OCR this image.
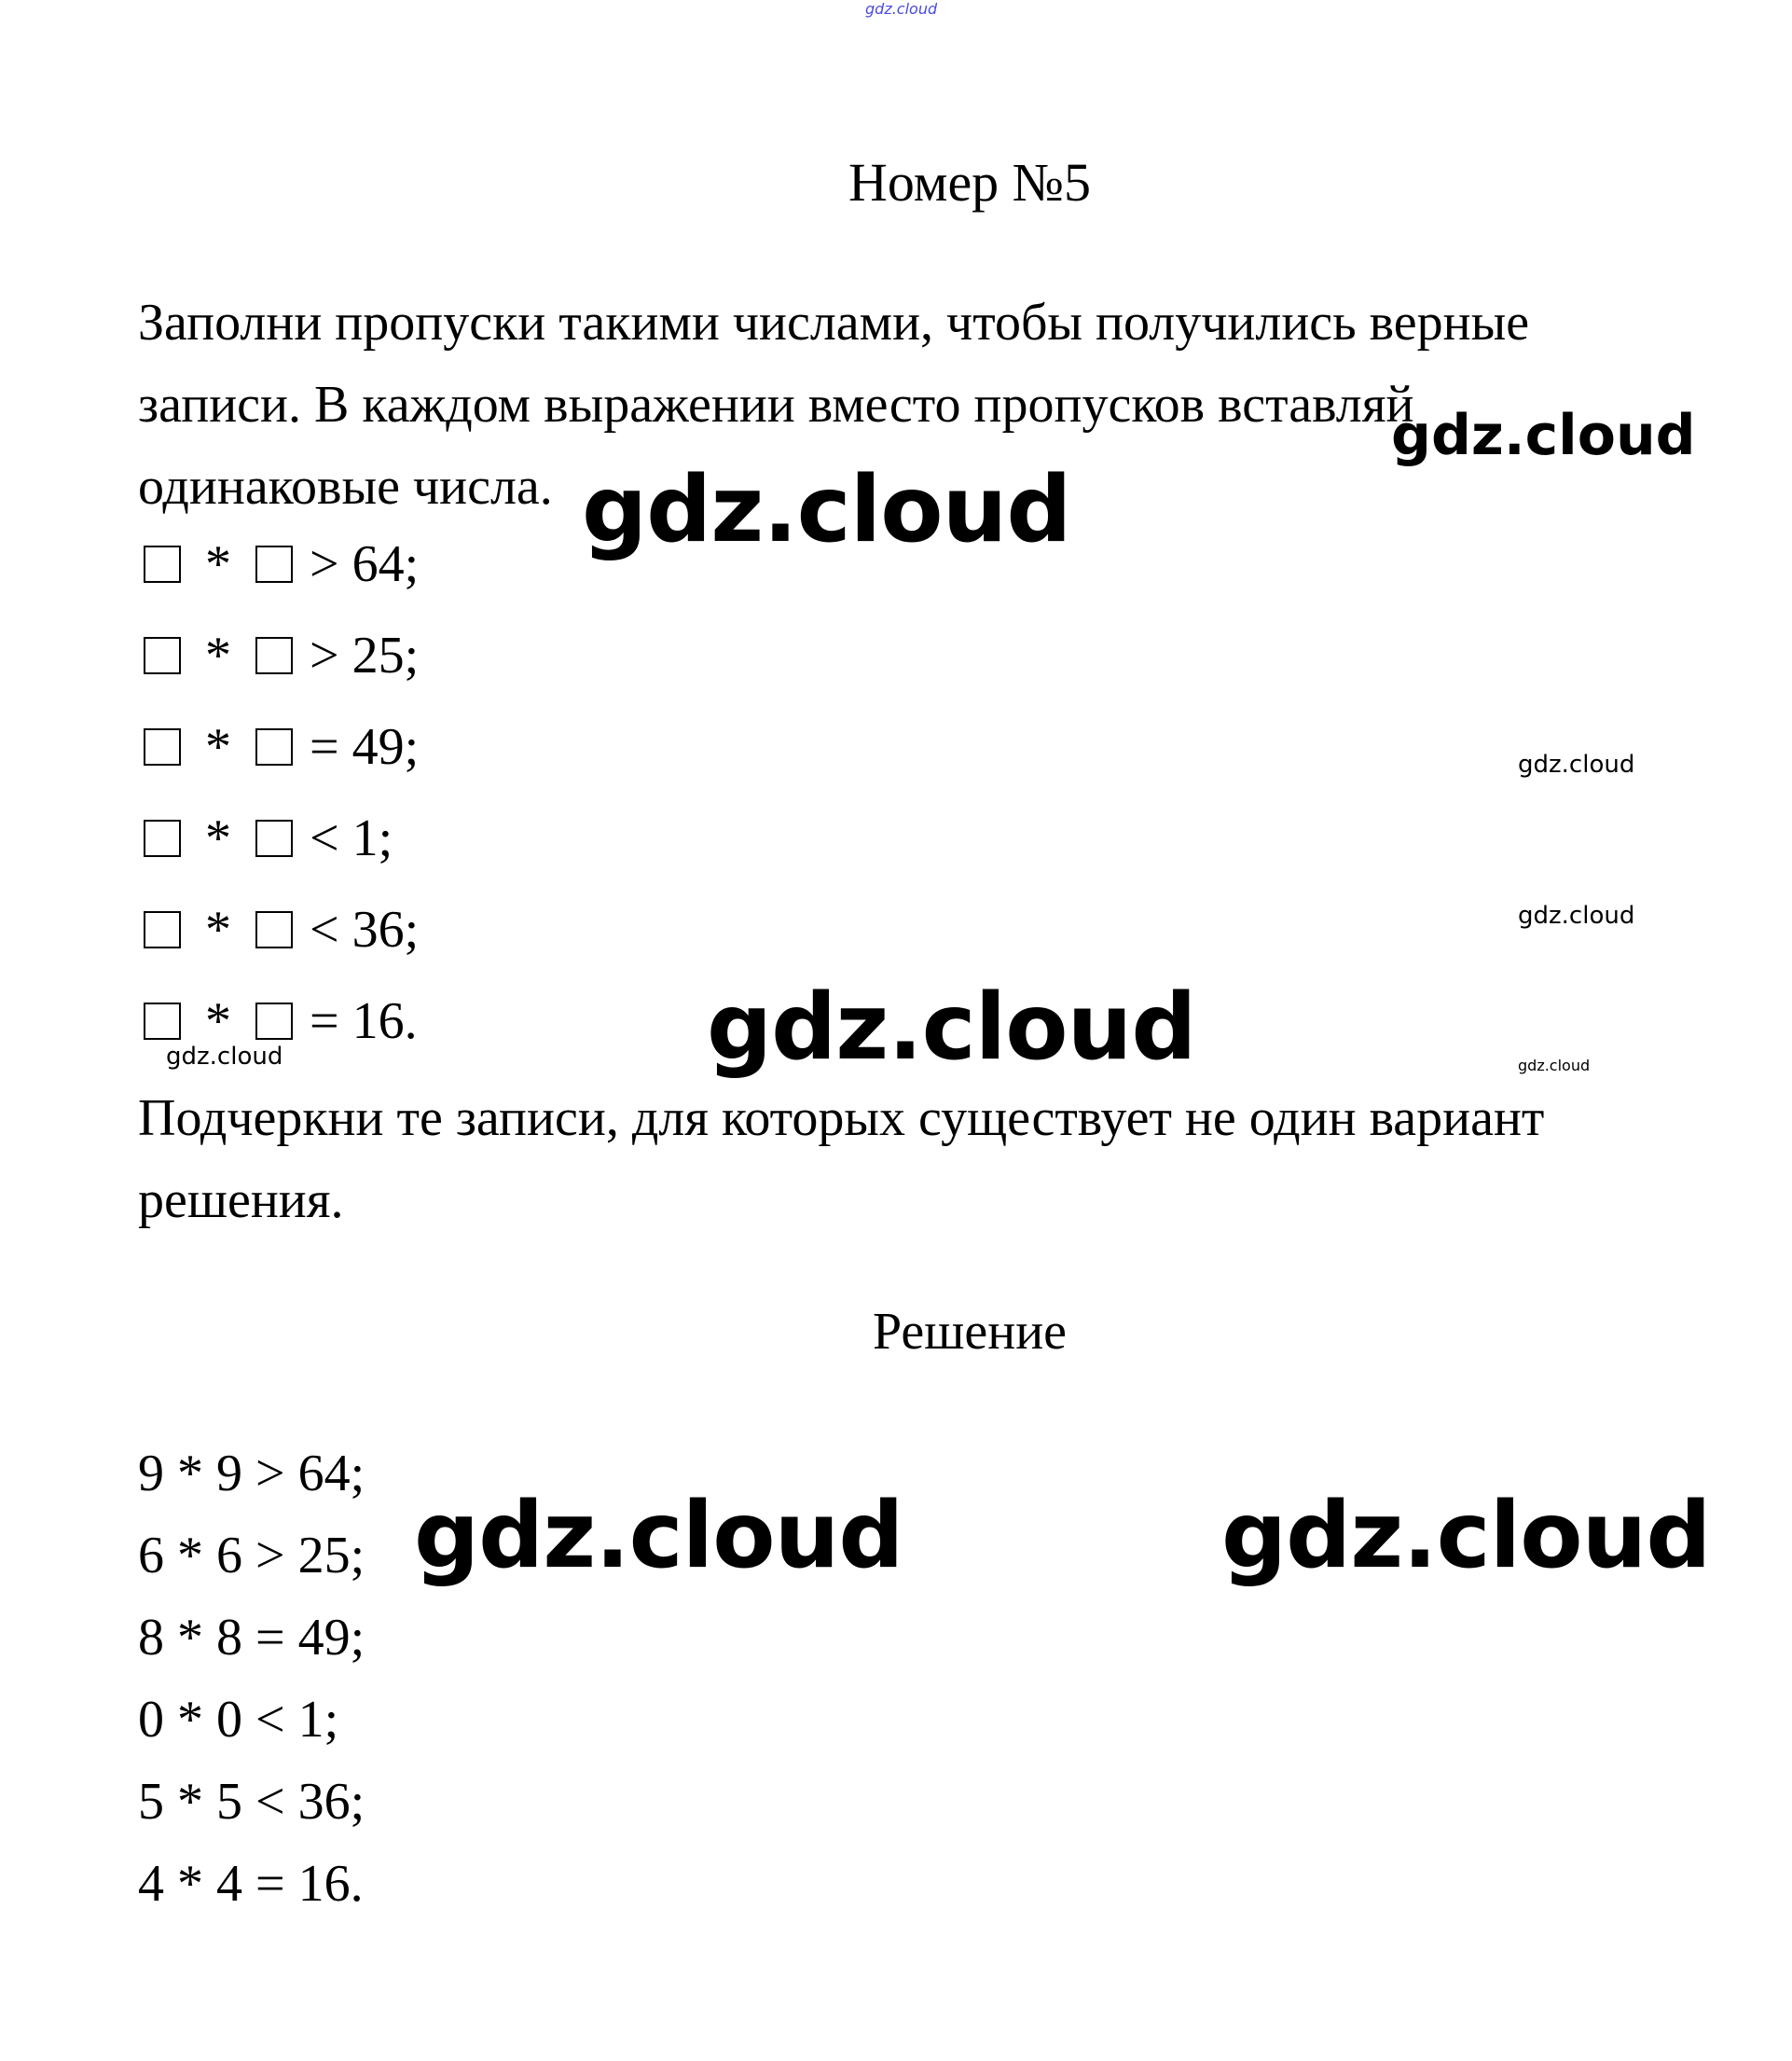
gdz.cloud
Номер №5
Заполни пропуски такими числами, чтобы получились верные записи. В каждом выражении вместо пропусков вставляй одинаковые числа.
*	> 64;
*	> 25;
*	= 49;
*	< 1;
*	< 36;
*	= 16.
Подчеркни те записи, для которых существует не один вариант решения.
Решение
9 * 9 > 64;
6 * 6 > 25;
8 * 8 = 49;
0 * 0 < 1;
5 * 5 < 36;
4 * 4 = 16.
gdz.cloud
gdz.cloud
gdz.cloud
gdz.cloud
gdz.cloud
gdz.cloud	gdz.cloud
gdz.cloud	gdz.cloud
